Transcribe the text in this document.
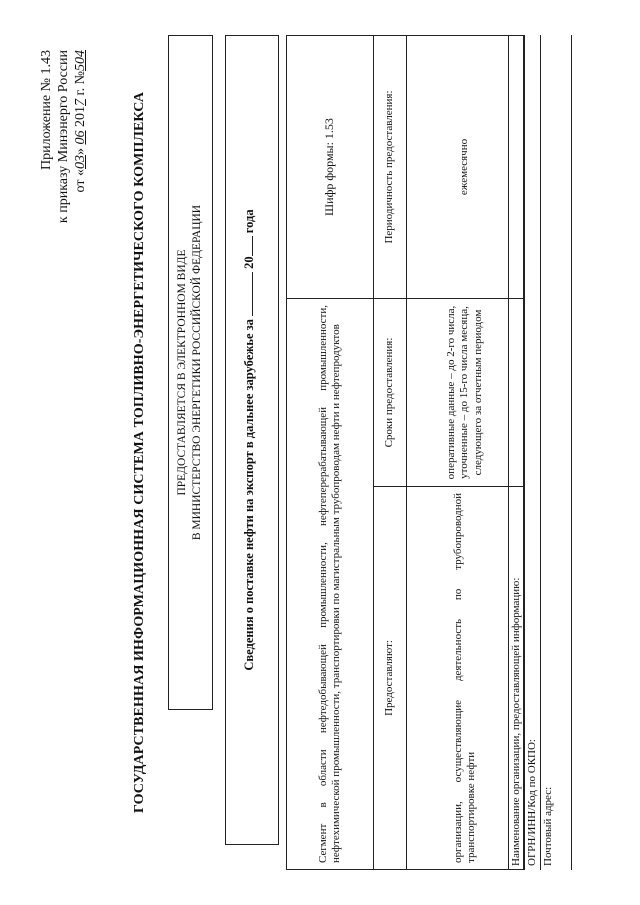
Приложение № 1.43 к приказу Минэнерго России от «03» 06 2017 г. №504
ГОСУДАРСТВЕННАЯ ИНФОРМАЦИОННАЯ СИСТЕМА ТОПЛИВНО-ЭНЕРГЕТИЧЕСКОГО КОМПЛЕКСА	ПРЕДОСТАВЛЯЕТСЯ В ЭЛЕКТРОННОМ ВИДЕ В МИНИСТЕРСТВО ЭНЕРГЕТИКИ РОССИЙСКОЙ ФЕДЕРАЦИИ	Сведения о поставке нефти на экспорт в дальнее зарубежье за  20 года
Сегмент в области нефтедобывающей промышленности, нефтеперерабатывающей промышленности, нефтехимической промышленности, транспортировки по магистральным трубопроводам нефти и нефтепродуктов		Шифр формы: 1.53
Предоставляют:	Сроки предоставления:	Периодичность предоставления:
организации, осуществляющие деятельность по трубопроводной транспортировке нефти	оперативные данные – до 2-го числа, уточненные – до 15-го числа месяца, следующего за отчетным периодом	ежемесячно
Наименование организации, предоставляющей информацию: ОГРН/ИНН/Код по ОКПО: Почтовый адрес:
